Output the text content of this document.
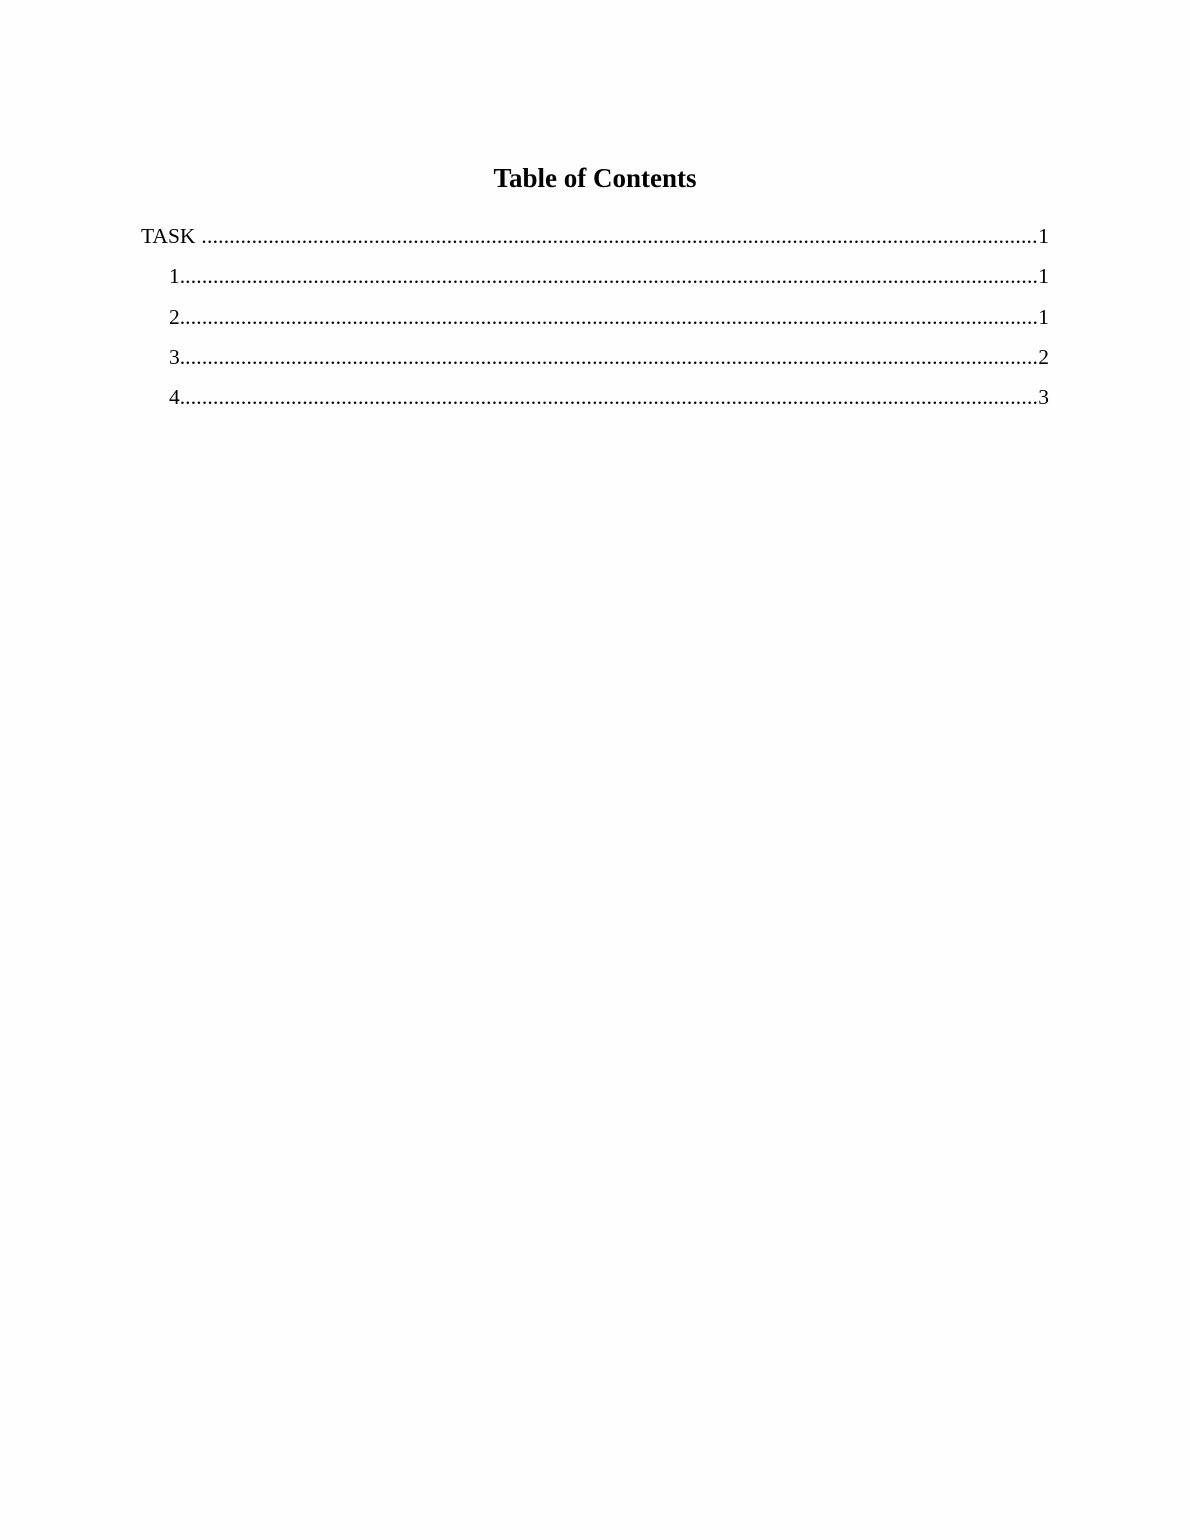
Table of Contents
TASK .....	1
1. .....	1
2. .....	1
3. .....	2
4. .....	3
